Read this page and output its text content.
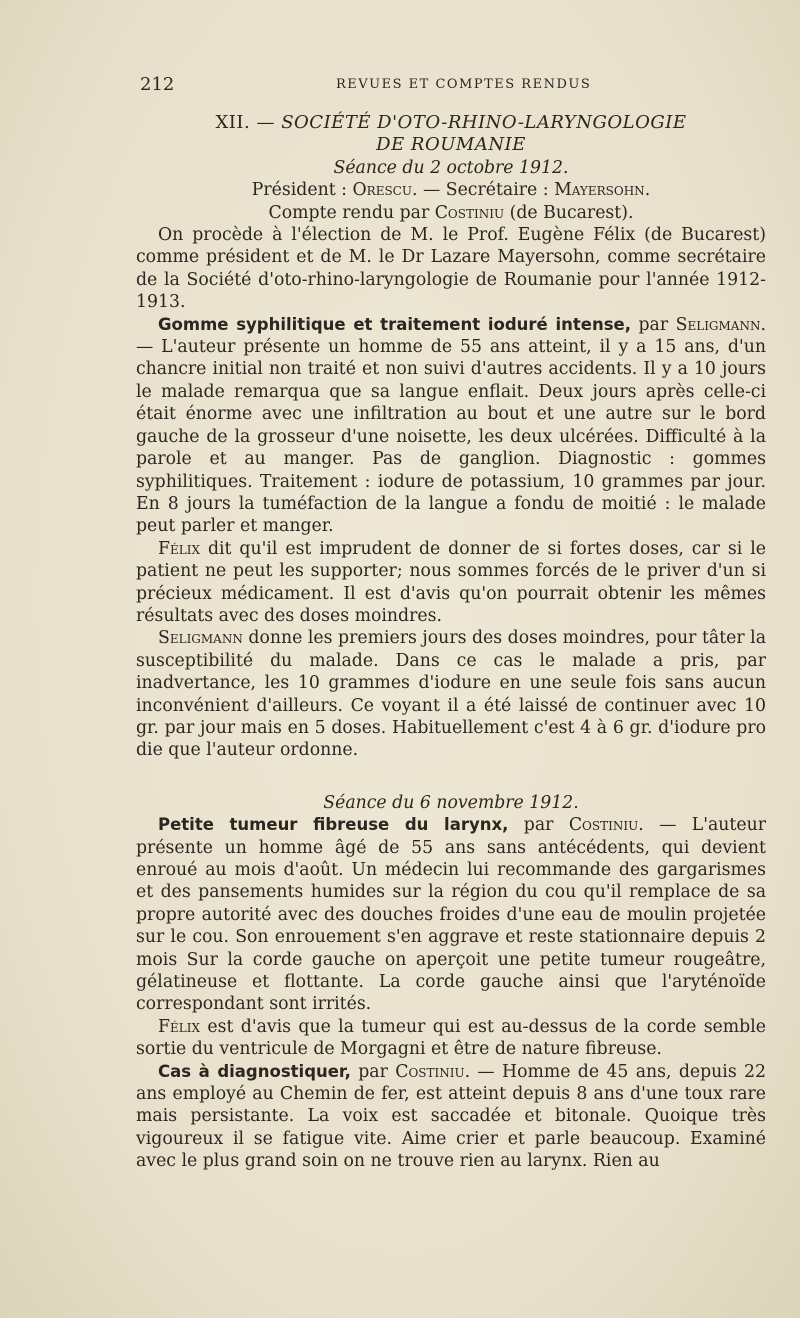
212	REVUES ET COMPTES RENDUS
XII. — SOCIÉTÉ D'OTO-RHINO-LARYNGOLOGIE
DE ROUMANIE
Séance du 2 octobre 1912.
Président : Orescu. — Secrétaire : Mayersohn.
Compte rendu par Costiniu (de Bucarest).

On procède à l'élection de M. le Prof. Eugène Félix (de Bucarest) comme président et de M. le Dr Lazare Mayersohn, comme secrétaire de la Société d'oto-rhino-laryngologie de Roumanie pour l'année 1912-1913.

Gomme syphilitique et traitement ioduré intense, par Seligmann. — L'auteur présente un homme de 55 ans atteint, il y a 15 ans, d'un chancre initial non traité et non suivi d'autres accidents. Il y a 10 jours le malade remarqua que sa langue enflait. Deux jours après celle-ci était énorme avec une infiltration au bout et une autre sur le bord gauche de la grosseur d'une noisette, les deux ulcérées. Difficulté à la parole et au manger. Pas de ganglion. Diagnostic : gommes syphilitiques. Traitement : iodure de potassium, 10 grammes par jour. En 8 jours la tuméfaction de la langue a fondu de moitié : le malade peut parler et manger.

Félix dit qu'il est imprudent de donner de si fortes doses, car si le patient ne peut les supporter; nous sommes forcés de le priver d'un si précieux médicament. Il est d'avis qu'on pourrait obtenir les mêmes résultats avec des doses moindres.

Seligmann donne les premiers jours des doses moindres, pour tâter la susceptibilité du malade. Dans ce cas le malade a pris, par inadvertance, les 10 grammes d'iodure en une seule fois sans aucun inconvénient d'ailleurs. Ce voyant il a été laissé de continuer avec 10 gr. par jour mais en 5 doses. Habituellement c'est 4 à 6 gr. d'iodure pro die que l'auteur ordonne.

Séance du 6 novembre 1912.

Petite tumeur fibreuse du larynx, par Costiniu. — L'auteur présente un homme âgé de 55 ans sans antécédents, qui devient enroué au mois d'août. Un médecin lui recommande des gargarismes et des pansements humides sur la région du cou qu'il remplace de sa propre autorité avec des douches froides d'une eau de moulin projetée sur le cou. Son enrouement s'en aggrave et reste stationnaire depuis 2 mois Sur la corde gauche on aperçoit une petite tumeur rougeâtre, gélatineuse et flottante. La corde gauche ainsi que l'aryténoïde correspondant sont irrités.

Félix est d'avis que la tumeur qui est au-dessus de la corde semble sortie du ventricule de Morgagni et être de nature fibreuse.

Cas à diagnostiquer, par Costiniu. — Homme de 45 ans, depuis 22 ans employé au Chemin de fer, est atteint depuis 8 ans d'une toux rare mais persistante. La voix est saccadée et bitonale. Quoique très vigoureux il se fatigue vite. Aime crier et parle beaucoup. Examiné avec le plus grand soin on ne trouve rien au larynx. Rien au
